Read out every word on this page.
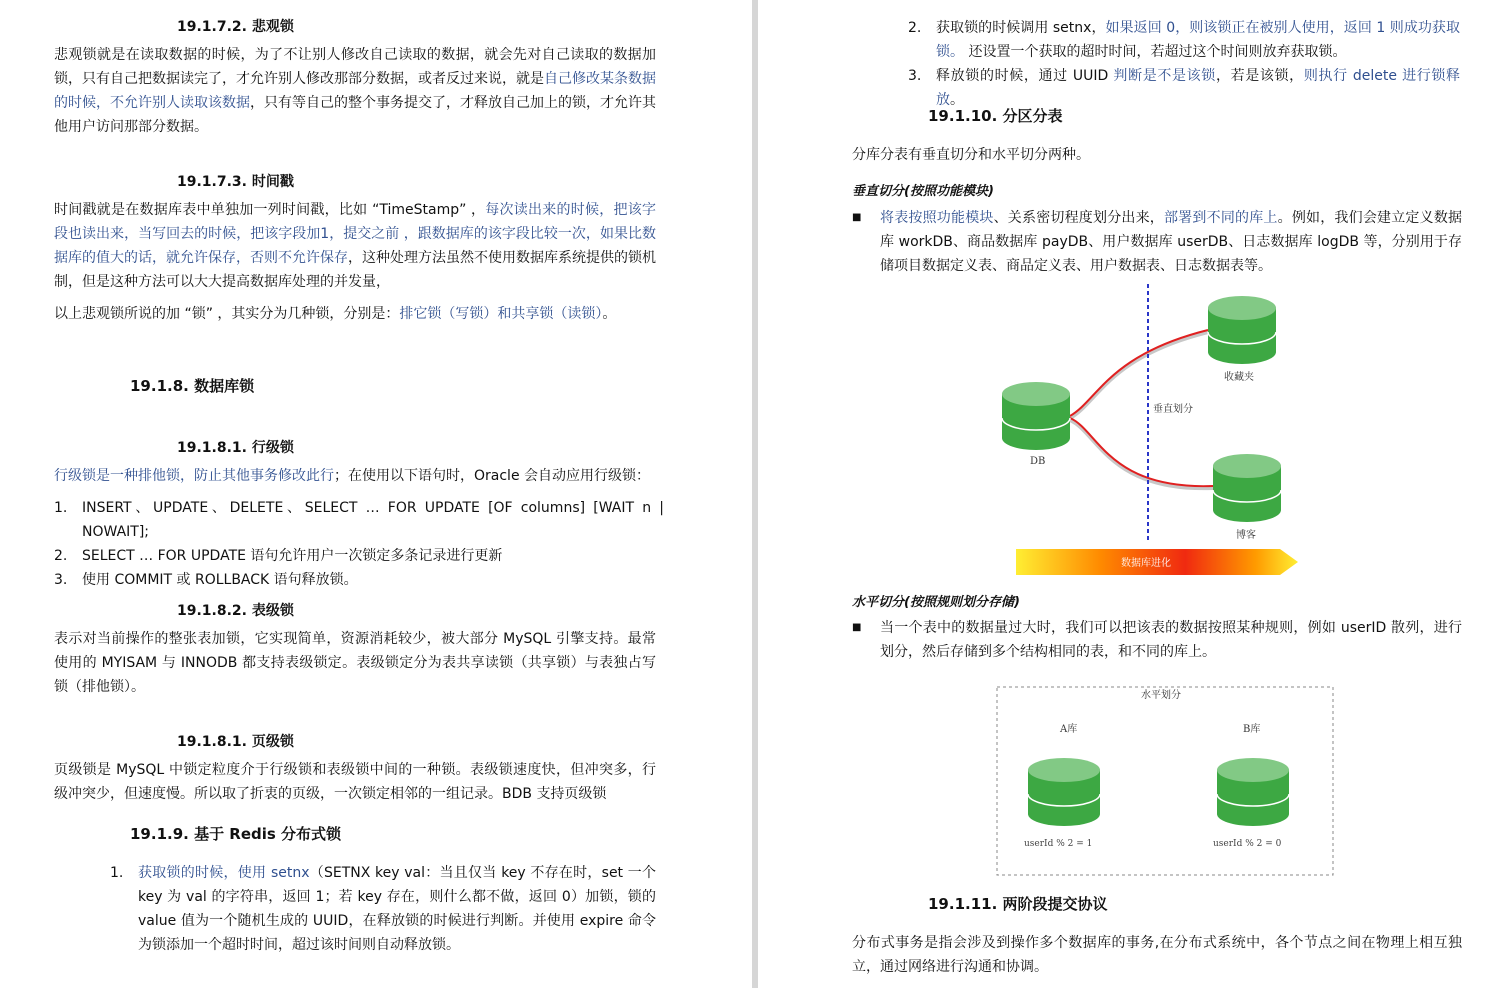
19.1.7.2. 悲观锁
悲观锁就是在读取数据的时候，为了不让别人修改自己读取的数据，就会先对自己读取的数据加锁，只有自己把数据读完了，才允许别人修改那部分数据，或者反过来说，就是自己修改某条数据的时候，不允许别人读取该数据，只有等自己的整个事务提交了，才释放自己加上的锁，才允许其他用户访问那部分数据。
19.1.7.3. 时间戳
时间戳就是在数据库表中单独加一列时间戳，比如 “TimeStamp” ，每次读出来的时候，把该字段也读出来，当写回去的时候，把该字段加1，提交之前 ，跟数据库的该字段比较一次，如果比数据库的值大的话，就允许保存，否则不允许保存，这种处理方法虽然不使用数据库系统提供的锁机制，但是这种方法可以大大提高数据库处理的并发量，
以上悲观锁所说的加 “锁” ，其实分为几种锁，分别是：排它锁（写锁）和共享锁（读锁）。
19.1.8. 数据库锁
19.1.8.1. 行级锁
行级锁是一种排他锁，防止其他事务修改此行；在使用以下语句时，Oracle 会自动应用行级锁：
1.	INSERT、UPDATE、DELETE、SELECT … FOR UPDATE [OF columns] [WAIT n | NOWAIT];
2.	SELECT … FOR UPDATE 语句允许用户一次锁定多条记录进行更新
3.	使用 COMMIT 或 ROLLBACK 语句释放锁。
19.1.8.2. 表级锁
表示对当前操作的整张表加锁，它实现简单，资源消耗较少，被大部分 MySQL 引擎支持。最常使用的 MYISAM 与 INNODB 都支持表级锁定。表级锁定分为表共享读锁（共享锁）与表独占写锁（排他锁）。
19.1.8.1. 页级锁
页级锁是 MySQL 中锁定粒度介于行级锁和表级锁中间的一种锁。表级锁速度快，但冲突多，行级冲突少，但速度慢。所以取了折衷的页级，一次锁定相邻的一组记录。BDB 支持页级锁
19.1.9. 基于 Redis 分布式锁
1.	获取锁的时候，使用 setnx（SETNX key val：当且仅当 key 不存在时，set 一个 key 为 val 的字符串，返回 1；若 key 存在，则什么都不做，返回 0）加锁，锁的 value 值为一个随机生成的 UUID，在释放锁的时候进行判断。并使用 expire 命令为锁添加一个超时时间，超过该时间则自动释放锁。
2.	获取锁的时候调用 setnx，如果返回 0，则该锁正在被别人使用，返回 1 则成功获取锁。 还设置一个获取的超时时间，若超过这个时间则放弃获取锁。
3.	释放锁的时候，通过 UUID 判断是不是该锁，若是该锁，则执行 delete 进行锁释放。
19.1.10. 分区分表
分库分表有垂直切分和水平切分两种。
垂直切分(按照功能模块)
■	将表按照功能模块、关系密切程度划分出来，部署到不同的库上。例如，我们会建立定义数据库 workDB、商品数据库 payDB、用户数据库 userDB、日志数据库 logDB 等，分别用于存储项目数据定义表、商品定义表、用户数据表、日志数据表等。
垂直划分
DB
收藏夹
博客
数据库进化
水平切分(按照规则划分存储)
■	当一个表中的数据量过大时，我们可以把该表的数据按照某种规则，例如 userID 散列，进行划分，然后存储到多个结构相同的表，和不同的库上。
水平划分
A库	B库
userId % 2 = 1	userId % 2 = 0
19.1.11. 两阶段提交协议
分布式事务是指会涉及到操作多个数据库的事务,在分布式系统中，各个节点之间在物理上相互独立，通过网络进行沟通和协调。
